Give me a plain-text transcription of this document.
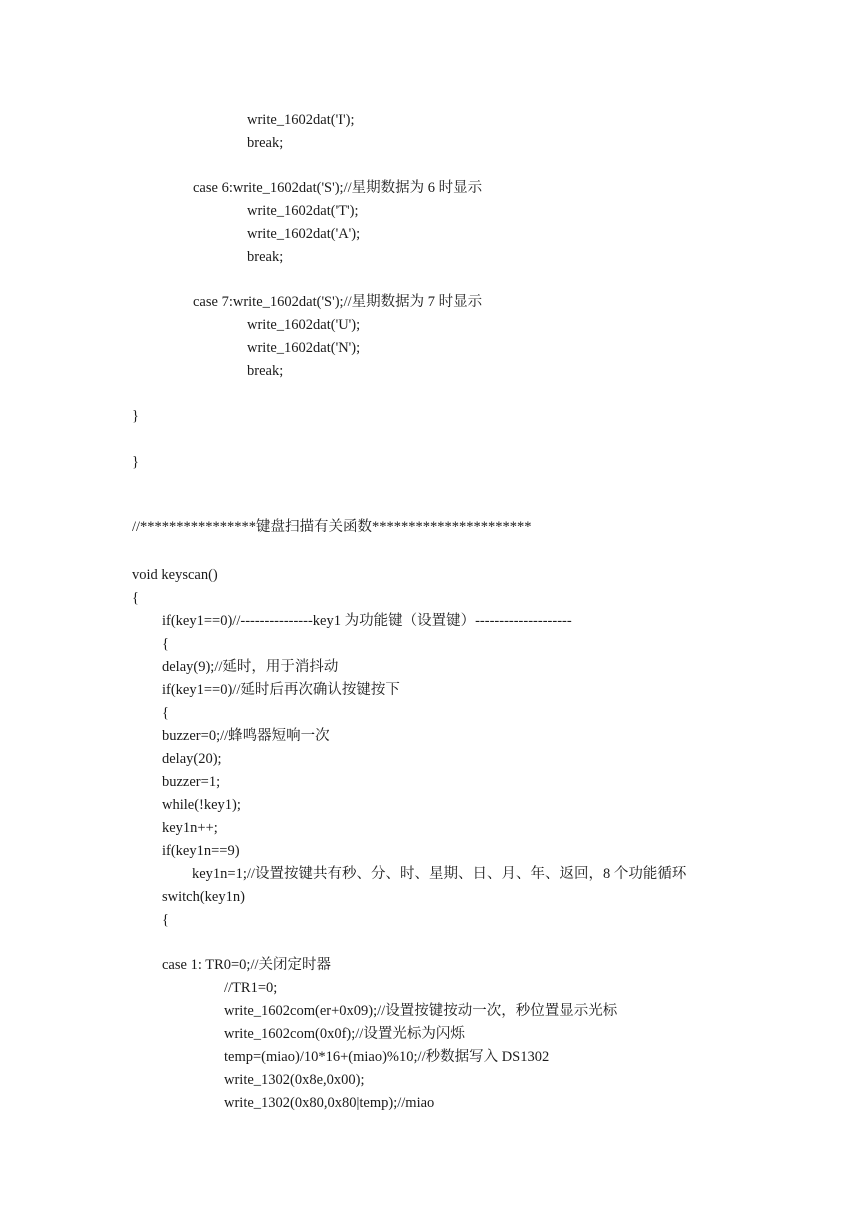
write_1602dat('I');

break;

case 6:write_1602dat('S');//星期数据为 6 时显示

write_1602dat('T');

write_1602dat('A');

break;

case 7:write_1602dat('S');//星期数据为 7 时显示

write_1602dat('U');

write_1602dat('N');

break;

}

}

//****************键盘扫描有关函数**********************

void keyscan()

{

if(key1==0)//---------------key1 为功能键（设置键）--------------------

{

delay(9);//延时，用于消抖动

if(key1==0)//延时后再次确认按键按下

{

buzzer=0;//蜂鸣器短响一次

delay(20);

buzzer=1;

while(!key1);

key1n++;

if(key1n==9)

key1n=1;//设置按键共有秒、分、时、星期、日、月、年、返回，8 个功能循环

switch(key1n)

{

case 1: TR0=0;//关闭定时器

//TR1=0;

write_1602com(er+0x09);//设置按键按动一次，秒位置显示光标

write_1602com(0x0f);//设置光标为闪烁

temp=(miao)/10*16+(miao)%10;//秒数据写入 DS1302

write_1302(0x8e,0x00);

write_1302(0x80,0x80|temp);//miao
